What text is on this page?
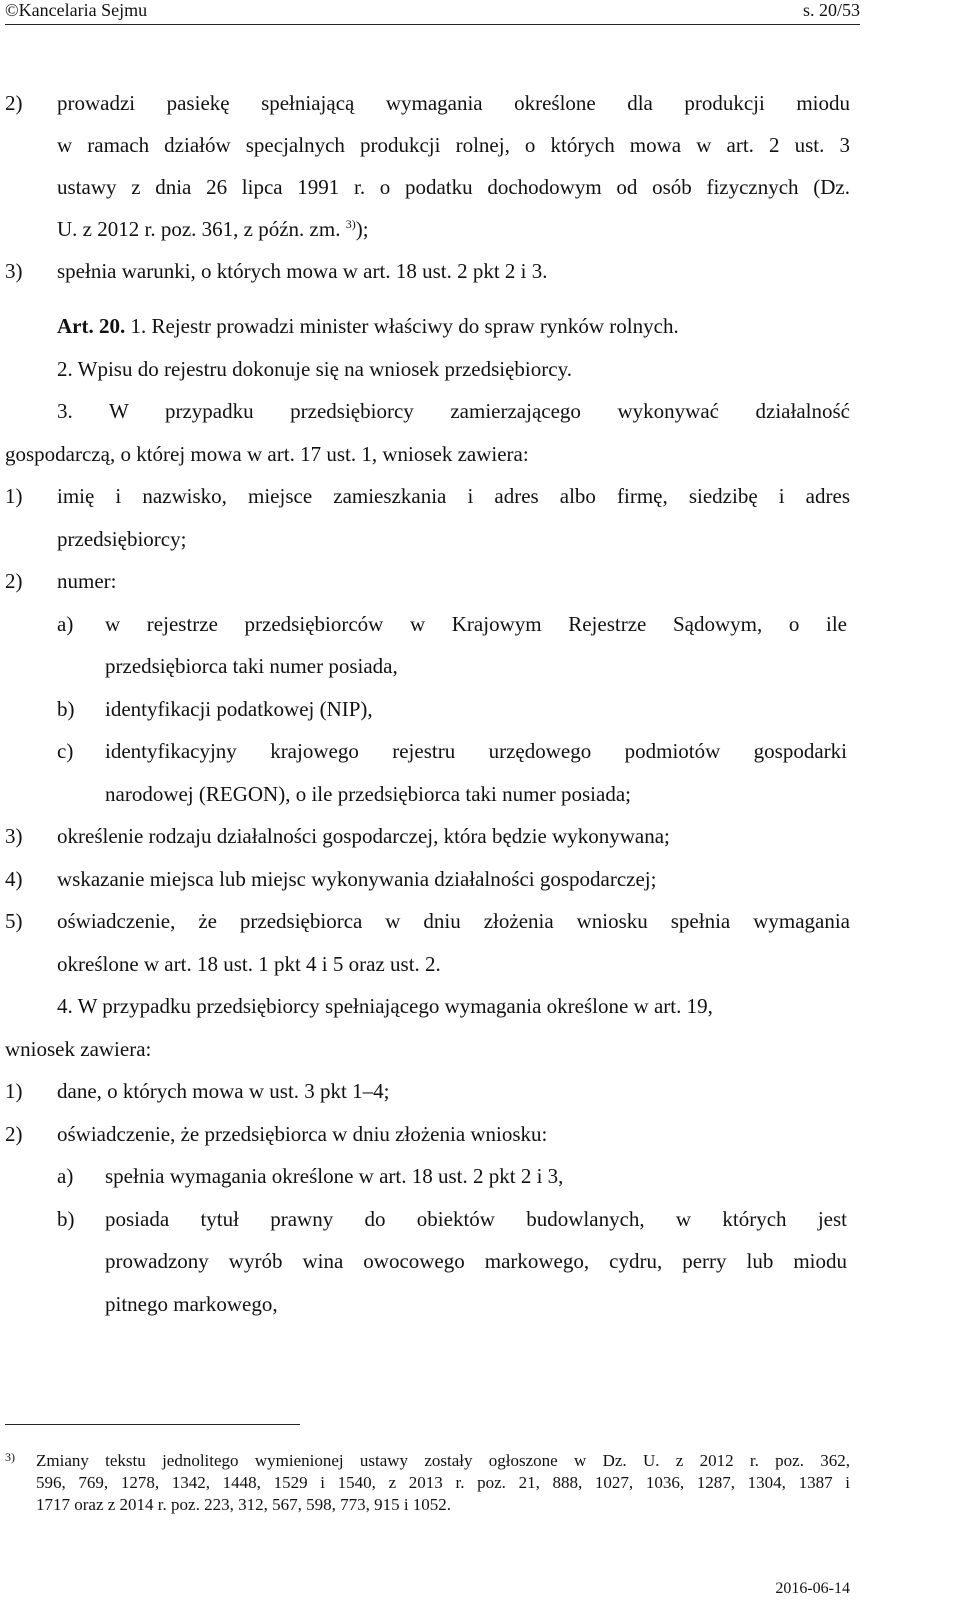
©Kancelaria Sejmu	s. 20/53
2) prowadzi pasiekę spełniającą wymagania określone dla produkcji miodu
w ramach działów specjalnych produkcji rolnej, o których mowa w art. 2 ust. 3
ustawy z dnia 26 lipca 1991 r. o podatku dochodowym od osób fizycznych (Dz.
U. z 2012 r. poz. 361, z późn. zm. $^{3)}$);
3) spełnia warunki, o których mowa w art. 18 ust. 2 pkt 2 i 3.
Art. 20. 1. Rejestr prowadzi minister właściwy do spraw rynków rolnych.
2. Wpisu do rejestru dokonuje się na wniosek przedsiębiorcy.
3. W przypadku przedsiębiorcy zamierzającego wykonywać działalność
gospodarczą, o której mowa w art. 17 ust. 1, wniosek zawiera:
1) imię i nazwisko, miejsce zamieszkania i adres albo firmę, siedzibę i adres
przedsiębiorcy;
2) numer:
a) w rejestrze przedsiębiorców w Krajowym Rejestrze Sądowym, o ile
przedsiębiorca taki numer posiada,
b) identyfikacji podatkowej (NIP),
c) identyfikacyjny krajowego rejestru urzędowego podmiotów gospodarki
narodowej (REGON), o ile przedsiębiorca taki numer posiada;
3) określenie rodzaju działalności gospodarczej, która będzie wykonywana;
4) wskazanie miejsca lub miejsc wykonywania działalności gospodarczej;
5) oświadczenie, że przedsiębiorca w dniu złożenia wniosku spełnia wymagania
określone w art. 18 ust. 1 pkt 4 i 5 oraz ust. 2.
4. W przypadku przedsiębiorcy spełniającego wymagania określone w art. 19,
wniosek zawiera:
1) dane, o których mowa w ust. 3 pkt 1–4;
2) oświadczenie, że przedsiębiorca w dniu złożenia wniosku:
a) spełnia wymagania określone w art. 18 ust. 2 pkt 2 i 3,
b) posiada tytuł prawny do obiektów budowlanych, w których jest
prowadzony wyrób wina owocowego markowego, cydru, perry lub miodu
pitnego markowego,
3) Zmiany tekstu jednolitego wymienionej ustawy zostały ogłoszone w Dz. U. z 2012 r. poz. 362,
596, 769, 1278, 1342, 1448, 1529 i 1540, z 2013 r. poz. 21, 888, 1027, 1036, 1287, 1304, 1387 i
1717 oraz z 2014 r. poz. 223, 312, 567, 598, 773, 915 i 1052.
2016-06-14
